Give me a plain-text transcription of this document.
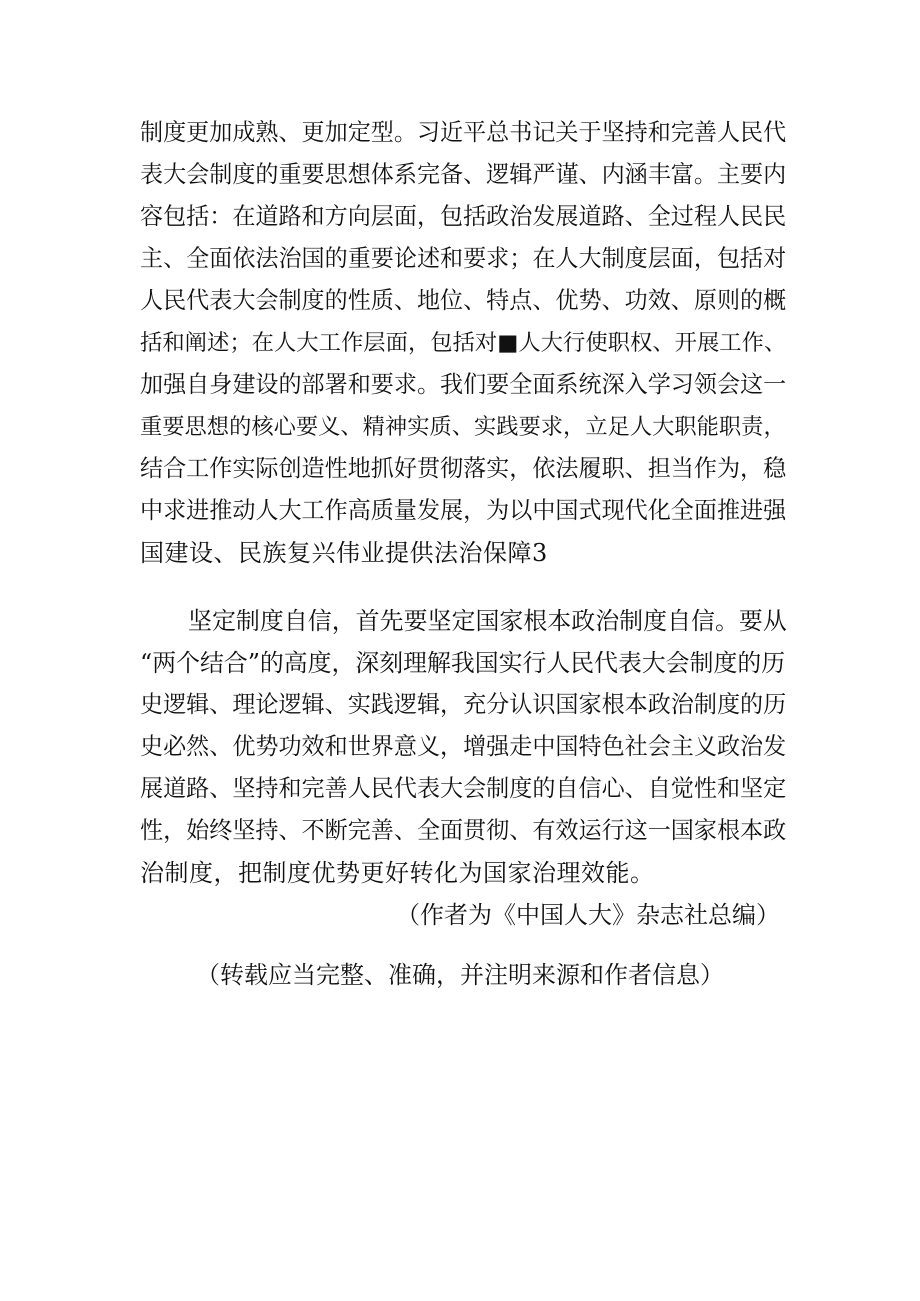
制度更加成熟、更加定型。习近平总书记关于坚持和完善人民代
表大会制度的重要思想体系完备、逻辑严谨、内涵丰富。主要内
容包括：在道路和方向层面，包括政治发展道路、全过程人民民
主、全面依法治国的重要论述和要求；在人大制度层面，包括对
人民代表大会制度的性质、地位、特点、优势、功效、原则的概
括和阐述；在人大工作层面，包括对■人大行使职权、开展工作、
加强自身建设的部署和要求。我们要全面系统深入学习领会这一
重要思想的核心要义、精神实质、实践要求，立足人大职能职责，
结合工作实际创造性地抓好贯彻落实，依法履职、担当作为，稳
中求进推动人大工作高质量发展，为以中国式现代化全面推进强
国建设、民族复兴伟业提供法治保障3
坚定制度自信，首先要坚定国家根本政治制度自信。要从
“两个结合”的高度，深刻理解我国实行人民代表大会制度的历
史逻辑、理论逻辑、实践逻辑，充分认识国家根本政治制度的历
史必然、优势功效和世界意义，增强走中国特色社会主义政治发
展道路、坚持和完善人民代表大会制度的自信心、自觉性和坚定
性，始终坚持、不断完善、全面贯彻、有效运行这一国家根本政
治制度，把制度优势更好转化为国家治理效能。
（作者为《中国人大》杂志社总编）
（转载应当完整、准确，并注明来源和作者信息）
